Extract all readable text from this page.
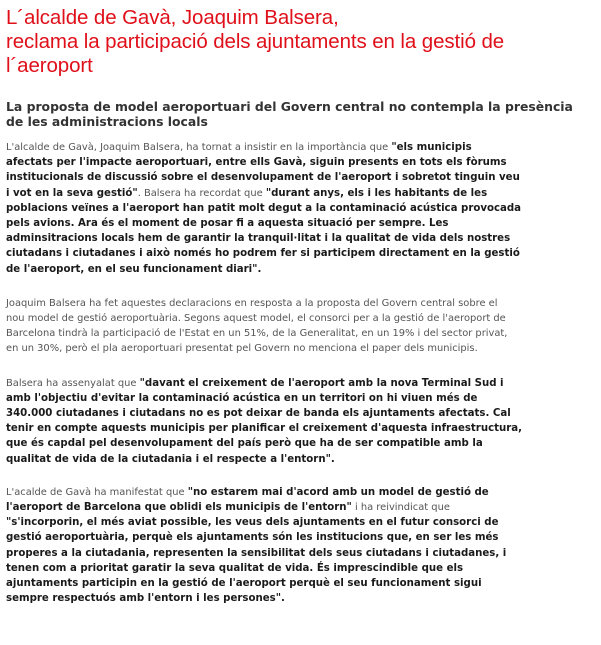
L´alcalde de Gavà, Joaquim Balsera,
reclama la participació dels ajuntaments en la gestió de
l´aeroport
La proposta de model aeroportuari del Govern central no contempla la presència
de les administracions locals

L'alcalde de Gavà, Joaquim Balsera, ha tornat a insistir en la importància que "els municipis
afectats per l'impacte aeroportuari, entre ells Gavà, siguin presents en tots els fòrums
institucionals de discussió sobre el desenvolupament de l'aeroport i sobretot tinguin veu
i vot en la seva gestió". Balsera ha recordat que "durant anys, els i les habitants de les
poblacions veïnes a l'aeroport han patit molt degut a la contaminació acústica provocada
pels avions. Ara és el moment de posar fi a aquesta situació per sempre. Les
adminsitracions locals hem de garantir la tranquil·litat i la qualitat de vida dels nostres
ciutadans i ciutadanes i això només ho podrem fer si participem directament en la gestió
de l'aeroport, en el seu funcionament diari".

Joaquim Balsera ha fet aquestes declaracions en resposta a la proposta del Govern central sobre el
nou model de gestió aeroportuària. Segons aquest model, el consorci per a la gestió de l'aeroport de
Barcelona tindrà la participació de l'Estat en un 51%, de la Generalitat, en un 19% i del sector privat,
en un 30%, però el pla aeroportuari presentat pel Govern no menciona el paper dels municipis.

Balsera ha assenyalat que "davant el creixement de l'aeroport amb la nova Terminal Sud i
amb l'objectiu d'evitar la contaminació acústica en un territori on hi viuen més de
340.000 ciutadanes i ciutadans no es pot deixar de banda els ajuntaments afectats. Cal
tenir en compte aquests municipis per planificar el creixement d'aquesta infraestructura,
que és capdal pel desenvolupament del país però que ha de ser compatible amb la
qualitat de vida de la ciutadania i el respecte a l'entorn".

L'acalde de Gavà ha manifestat que "no estarem mai d'acord amb un model de gestió de
l'aeroport de Barcelona que oblidi els municipis de l'entorn" i ha reivindicat que
"s'incorporin, el més aviat possible, les veus dels ajuntaments en el futur consorci de
gestió aeroportuària, perquè els ajuntaments són les institucions que, en ser les més
properes a la ciutadania, representen la sensibilitat dels seus ciutadans i ciutadanes, i
tenen com a prioritat garatir la seva qualitat de vida. És imprescindible que els
ajuntaments participin en la gestió de l'aeroport perquè el seu funcionament sigui
sempre respectuós amb l'entorn i les persones".
